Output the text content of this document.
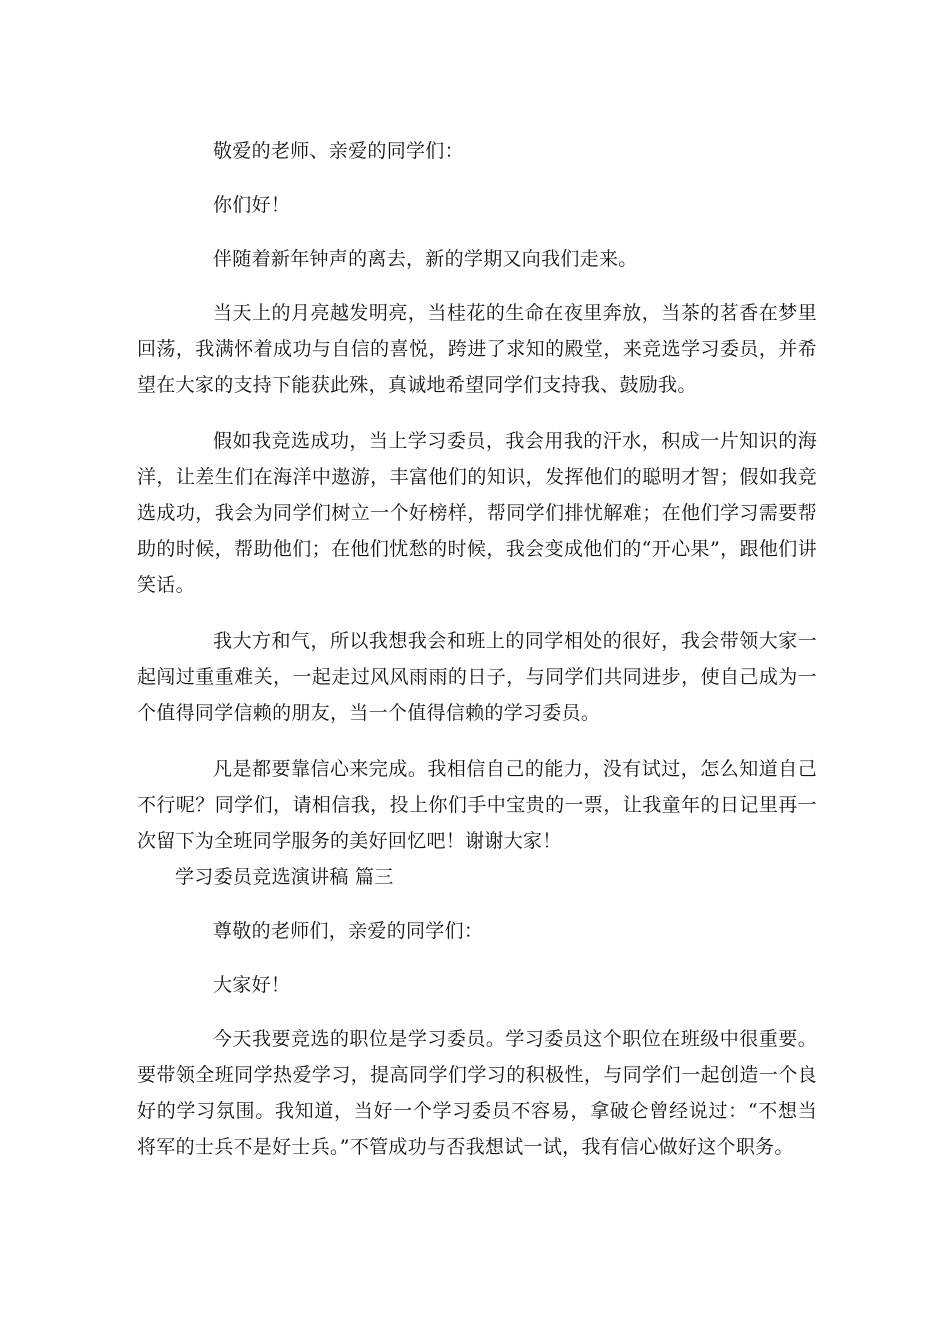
敬爱的老师、亲爱的同学们：

你们好！

伴随着新年钟声的离去，新的学期又向我们走来。

当天上的月亮越发明亮，当桂花的生命在夜里奔放，当茶的茗香在梦里回荡，我满怀着成功与自信的喜悦，跨进了求知的殿堂，来竞选学习委员，并希望在大家的支持下能获此殊，真诚地希望同学们支持我、鼓励我。

假如我竞选成功，当上学习委员，我会用我的汗水，积成一片知识的海洋，让差生们在海洋中遨游，丰富他们的知识，发挥他们的聪明才智；假如我竞选成功，我会为同学们树立一个好榜样，帮同学们排忧解难；在他们学习需要帮助的时候，帮助他们；在他们忧愁的时候，我会变成他们的“开心果”，跟他们讲笑话。

我大方和气，所以我想我会和班上的同学相处的很好，我会带领大家一起闯过重重难关，一起走过风风雨雨的日子，与同学们共同进步，使自己成为一个值得同学信赖的朋友，当一个值得信赖的学习委员。

凡是都要靠信心来完成。我相信自己的能力，没有试过，怎么知道自己不行呢？同学们，请相信我，投上你们手中宝贵的一票，让我童年的日记里再一次留下为全班同学服务的美好回忆吧！谢谢大家！

学习委员竞选演讲稿 篇三

尊敬的老师们，亲爱的同学们：

大家好！

今天我要竞选的职位是学习委员。学习委员这个职位在班级中很重要。要带领全班同学热爱学习，提高同学们学习的积极性，与同学们一起创造一个良好的学习氛围。我知道，当好一个学习委员不容易，拿破仑曾经说过：“不想当将军的士兵不是好士兵。”不管成功与否我想试一试，我有信心做好这个职务。
